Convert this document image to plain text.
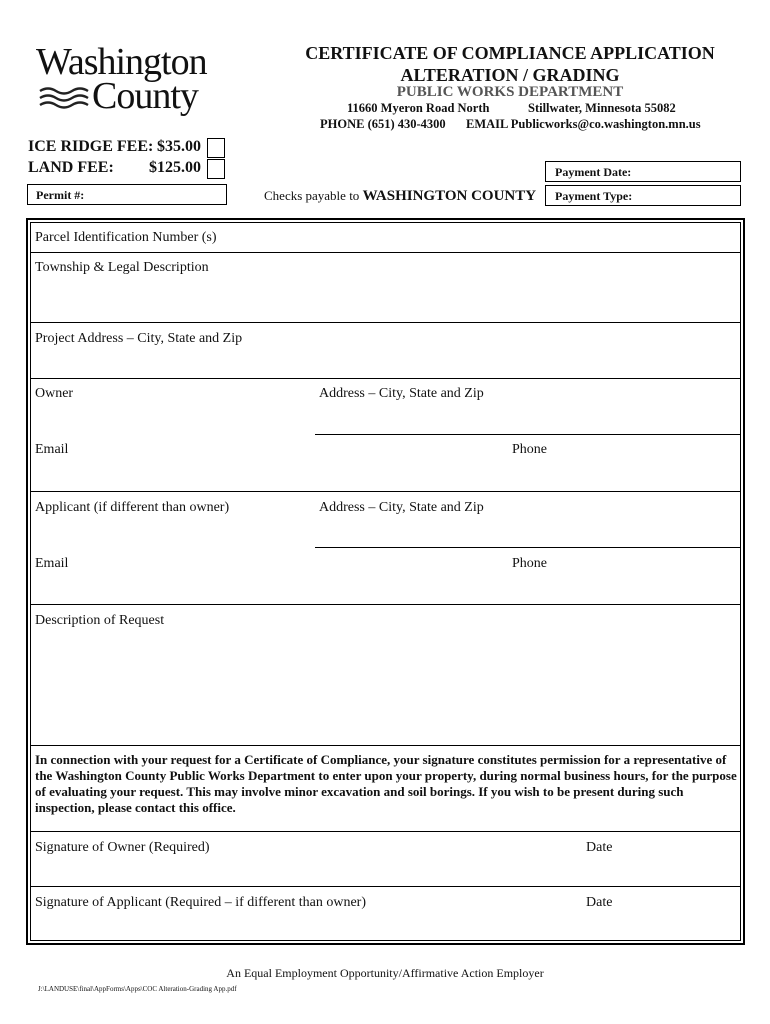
Washington
County
CERTIFICATE OF COMPLIANCE APPLICATION
ALTERATION / GRADING
PUBLIC WORKS DEPARTMENT
11660 Myeron Road North	Stillwater, Minnesota 55082
PHONE (651) 430-4300 EMAIL Publicworks@co.washington.mn.us
ICE RIDGE FEE: $35.00
LAND FEE: $125.00
Permit #:
Payment Date:
Payment Type:
Checks payable to WASHINGTON COUNTY
Parcel Identification Number (s)
Township & Legal Description
Project Address – City, State and Zip
Owner	Address – City, State and Zip
Email	Phone
Applicant (if different than owner)	Address – City, State and Zip
Email	Phone
Description of Request
In connection with your request for a Certificate of Compliance, your signature constitutes permission for a representative of the Washington County Public Works Department to enter upon your property, during normal business hours, for the purpose of evaluating your request. This may involve minor excavation and soil borings. If you wish to be present during such inspection, please contact this office.
Signature of Owner (Required)	Date
Signature of Applicant (Required – if different than owner)	Date
An Equal Employment Opportunity/Affirmative Action Employer
J:\LANDUSE\final\AppForms\Apps\COC Alteration-Grading App.pdf
